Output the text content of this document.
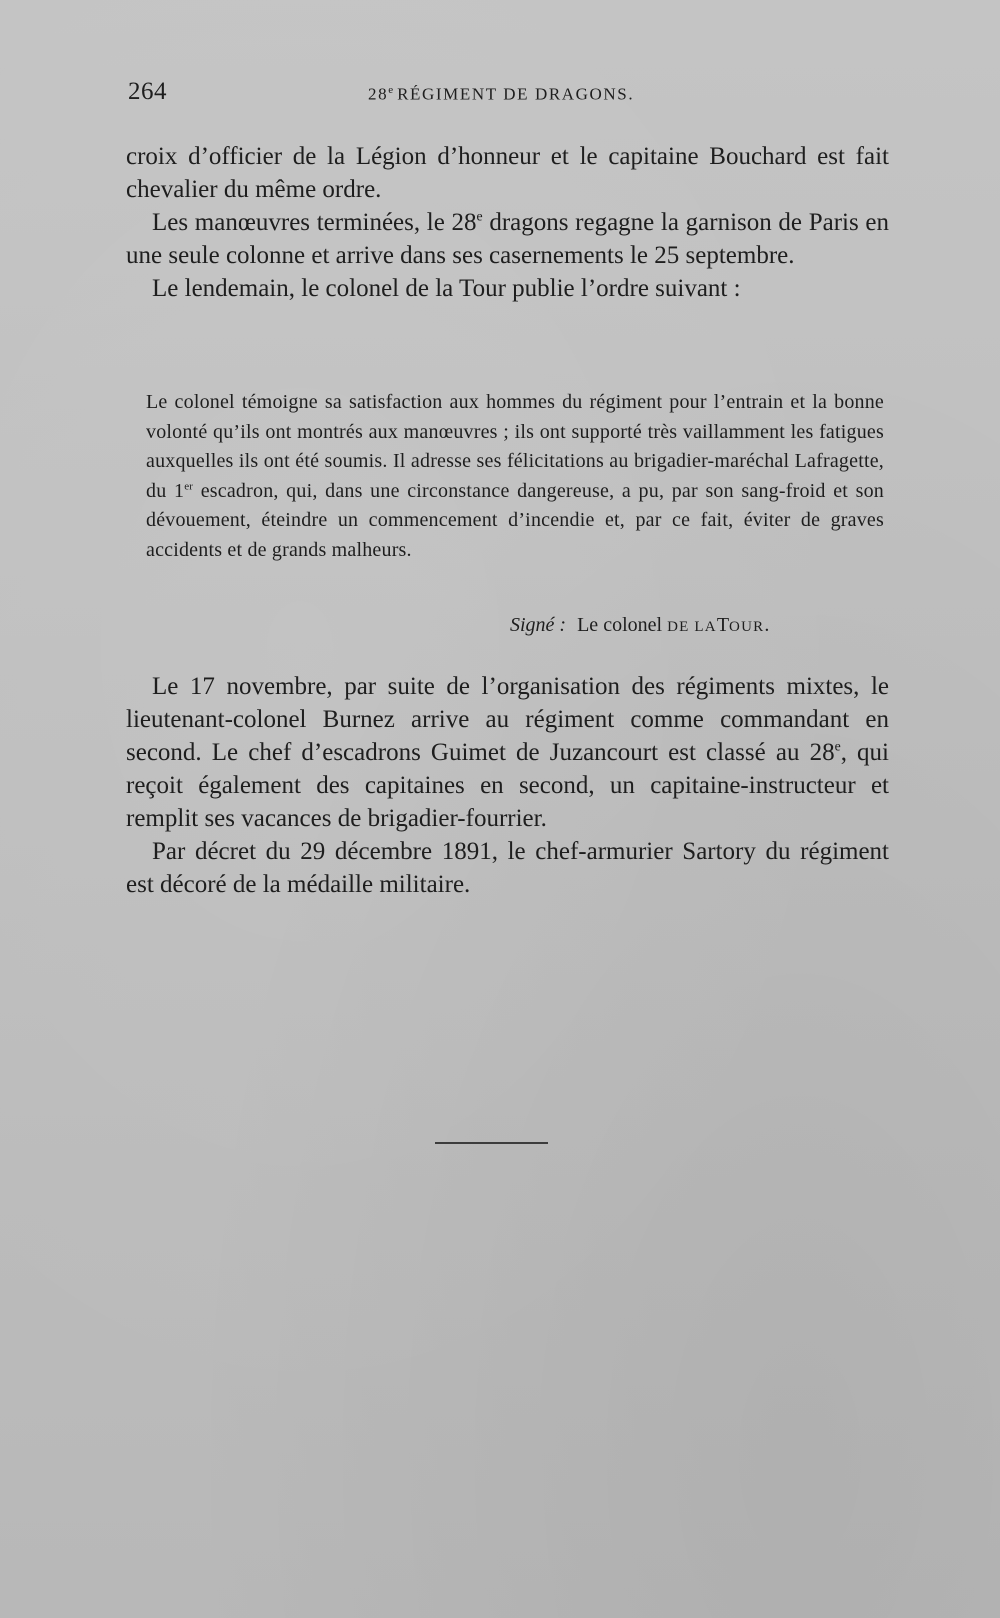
264	28e RÉGIMENT DE DRAGONS.

croix d’officier de la Légion d’honneur et le capitaine Bouchard est fait chevalier du même ordre.

Les manœuvres terminées, le 28e dragons regagne la garnison de Paris en une seule colonne et arrive dans ses casernements le 25 septembre.

Le lendemain, le colonel de la Tour publie l’ordre suivant :

Le colonel témoigne sa satisfaction aux hommes du régiment pour l’entrain et la bonne volonté qu’ils ont montrés aux manœuvres ; ils ont supporté très vaillamment les fatigues auxquelles ils ont été soumis. Il adresse ses félicitations au brigadier-maréchal Lafragette, du 1er escadron, qui, dans une circonstance dangereuse, a pu, par son sang-froid et son dévouement, éteindre un commencement d’incendie et, par ce fait, éviter de graves accidents et de grands malheurs.

Signé : Le colonel DE LATOUR.

Le 17 novembre, par suite de l’organisation des régiments mixtes, le lieutenant-colonel Burnez arrive au régiment comme commandant en second. Le chef d’escadrons Guimet de Juzancourt est classé au 28e, qui reçoit également des capitaines en second, un capitaine-instructeur et remplit ses vacances de brigadier-fourrier.

Par décret du 29 décembre 1891, le chef-armurier Sartory du régiment est décoré de la médaille militaire.
